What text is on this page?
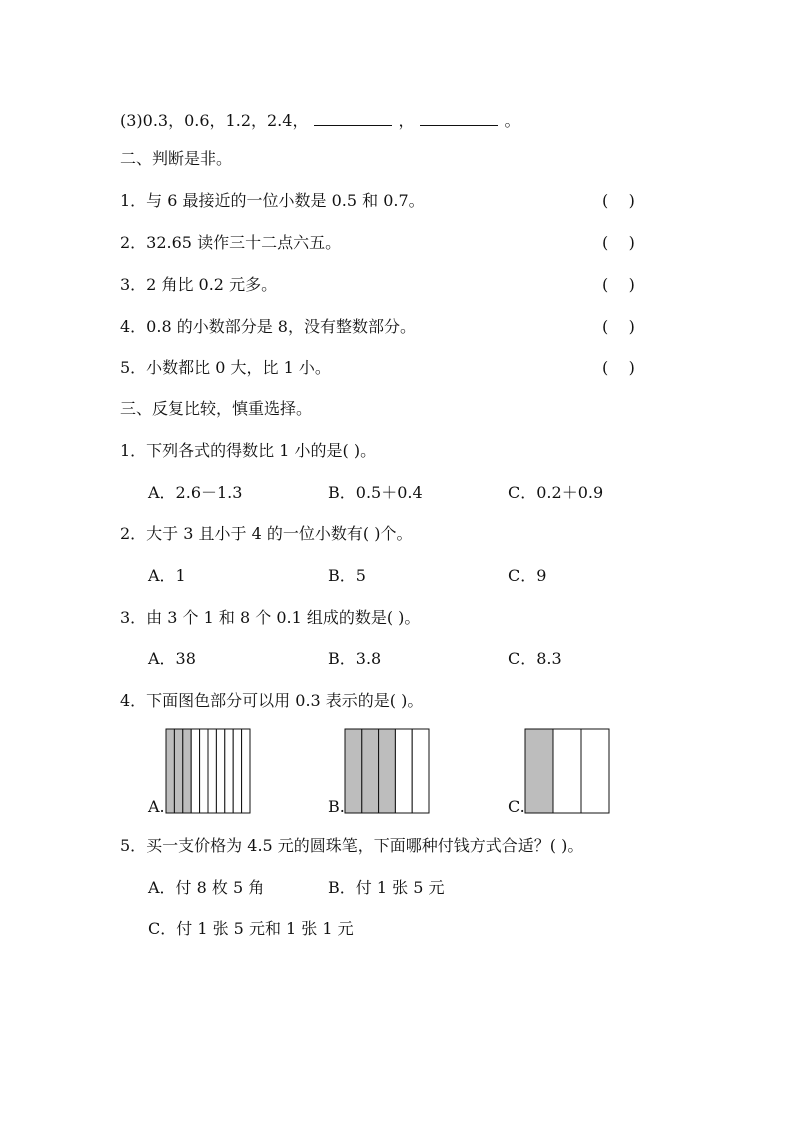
(3)0.3，0.6，1.2，2.4，	，	。
二、判断是非。
1．与 6 最接近的一位小数是 0.5 和 0.7。	(    )
2．32.65 读作三十二点六五。	(    )
3．2 角比 0.2 元多。	(    )
4．0.8 的小数部分是 8，没有整数部分。	(    )
5．小数都比 0 大，比 1 小。	(    )
三、反复比较，慎重选择。
1．下列各式的得数比 1 小的是( )。
A．2.6－1.3	B．0.5＋0.4	C．0.2＋0.9
2．大于 3 且小于 4 的一位小数有( )个。
A．1	B．5	C．9
3．由 3 个 1 和 8 个 0.1 组成的数是( )。
A．38	B．3.8	C．8.3
4．下面图色部分可以用 0.3 表示的是( )。
A.	B.	C.
5．买一支价格为 4.5 元的圆珠笔，下面哪种付钱方式合适？( )。
A．付 8 枚 5 角	B．付 1 张 5 元
C．付 1 张 5 元和 1 张 1 元
